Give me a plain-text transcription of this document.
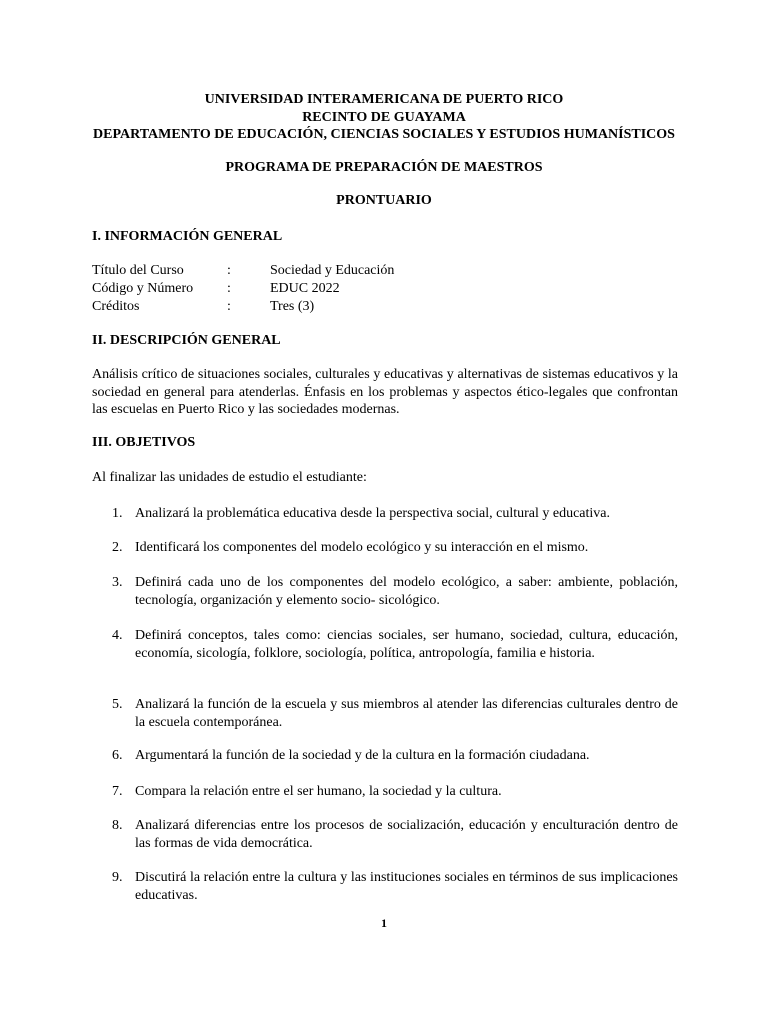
UNIVERSIDAD INTERAMERICANA DE PUERTO RICO
RECINTO DE GUAYAMA
DEPARTAMENTO DE EDUCACIÓN, CIENCIAS SOCIALES Y ESTUDIOS HUMANÍSTICOS
PROGRAMA DE PREPARACIÓN DE MAESTROS
PRONTUARIO
I. INFORMACIÓN GENERAL
Título del Curso	:	Sociedad y Educación
Código y Número :	EDUC 2022
Créditos	:	Tres (3)
II. DESCRIPCIÓN GENERAL
Análisis crítico de situaciones sociales, culturales y educativas y alternativas de sistemas educativos y la sociedad en general para atenderlas. Énfasis en los problemas y aspectos ético-legales que confrontan las escuelas en Puerto Rico y las sociedades modernas.
III. OBJETIVOS
Al finalizar las unidades de estudio el estudiante:
1. Analizará la problemática educativa desde la perspectiva social, cultural y educativa.
2. Identificará los componentes del modelo ecológico y su interacción en el mismo.
3. Definirá cada uno de los componentes del modelo ecológico, a saber: ambiente, población, tecnología, organización y elemento socio- sicológico.
4. Definirá conceptos, tales como: ciencias sociales, ser humano, sociedad, cultura, educación, economía, sicología, folklore, sociología, política, antropología, familia e historia.
5. Analizará la función de la escuela y sus miembros al atender las diferencias culturales dentro de la escuela contemporánea.
6. Argumentará la función de la sociedad y de la cultura en la formación ciudadana.
7. Compara la relación entre el ser humano, la sociedad y la cultura.
8. Analizará diferencias entre los procesos de socialización, educación y enculturación dentro de las formas de vida democrática.
9. Discutirá la relación entre la cultura y las instituciones sociales en términos de sus implicaciones educativas.
1
